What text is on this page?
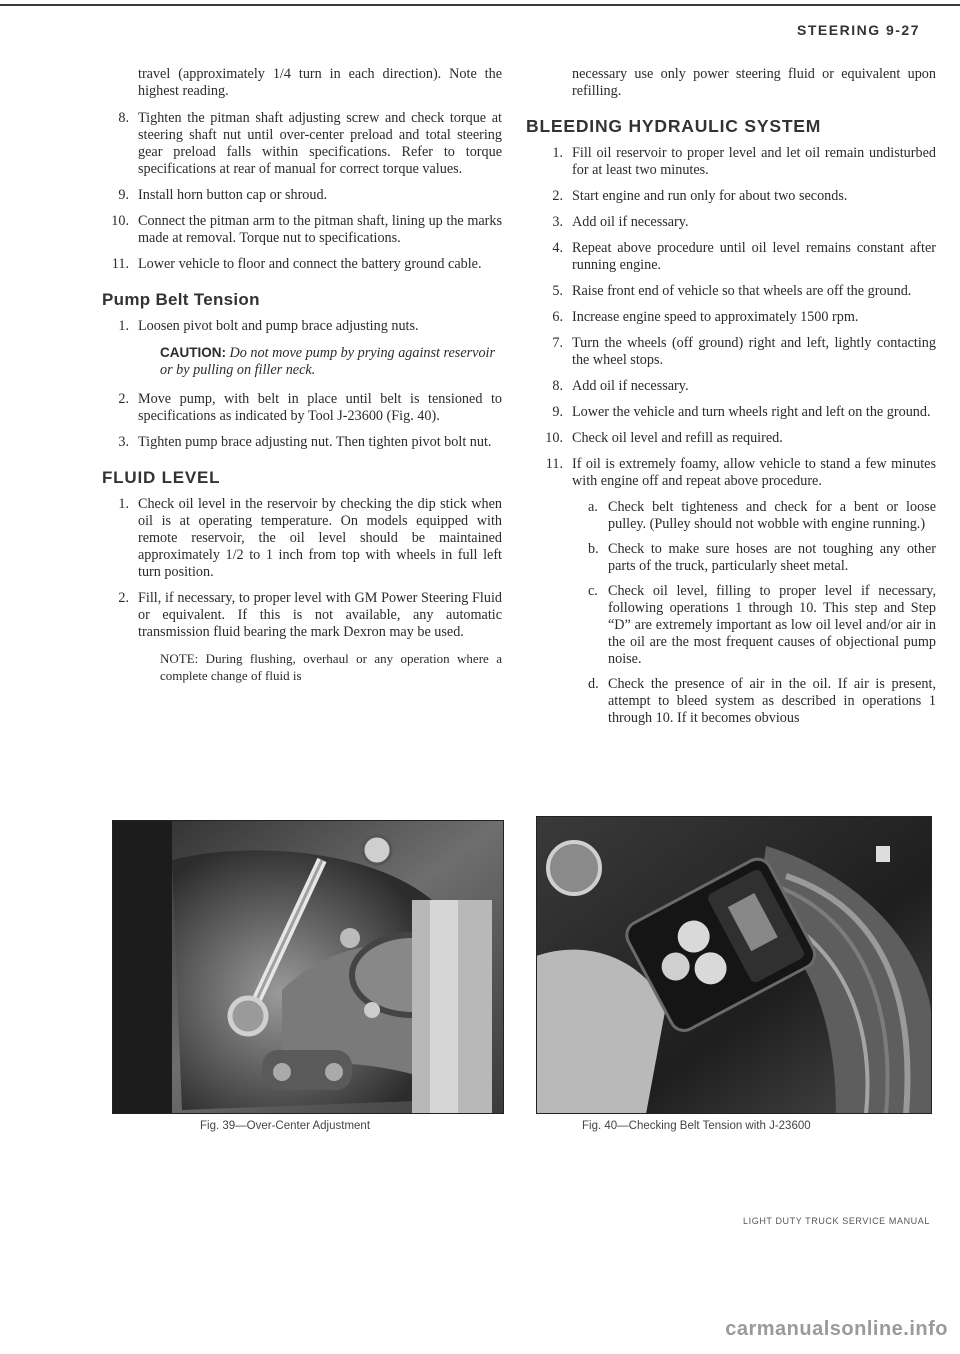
STEERING 9-27

travel (approximately 1/4 turn in each direction). Note the highest reading.

8. Tighten the pitman shaft adjusting screw and check torque at steering shaft nut until over-center preload and total steering gear preload falls within specifications. Refer to torque specifications at rear of manual for correct torque values.
9. Install horn button cap or shroud.
10. Connect the pitman arm to the pitman shaft, lining up the marks made at removal. Torque nut to specifications.
11. Lower vehicle to floor and connect the battery ground cable.
Pump Belt Tension
1. Loosen pivot bolt and pump brace adjusting nuts.
CAUTION: Do not move pump by prying against reservoir or by pulling on filler neck.
2. Move pump, with belt in place until belt is tensioned to specifications as indicated by Tool J-23600 (Fig. 40).
3. Tighten pump brace adjusting nut. Then tighten pivot bolt nut.
FLUID LEVEL
1. Check oil level in the reservoir by checking the dip stick when oil is at operating temperature. On models equipped with remote reservoir, the oil level should be maintained approximately 1/2 to 1 inch from top with wheels in full left turn position.
2. Fill, if necessary, to proper level with GM Power Steering Fluid or equivalent. If this is not available, any automatic transmission fluid bearing the mark Dexron may be used.
NOTE: During flushing, overhaul or any operation where a complete change of fluid is

necessary use only power steering fluid or equivalent upon refilling.

BLEEDING HYDRAULIC SYSTEM
1. Fill oil reservoir to proper level and let oil remain undisturbed for at least two minutes.
2. Start engine and run only for about two seconds.
3. Add oil if necessary.
4. Repeat above procedure until oil level remains constant after running engine.
5. Raise front end of vehicle so that wheels are off the ground.
6. Increase engine speed to approximately 1500 rpm.
7. Turn the wheels (off ground) right and left, lightly contacting the wheel stops.
8. Add oil if necessary.
9. Lower the vehicle and turn wheels right and left on the ground.
10. Check oil level and refill as required.
11. If oil is extremely foamy, allow vehicle to stand a few minutes with engine off and repeat above procedure.
a. Check belt tighteness and check for a bent or loose pulley. (Pulley should not wobble with engine running.)
b. Check to make sure hoses are not toughing any other parts of the truck, particularly sheet metal.
c. Check oil level, filling to proper level if necessary, following operations 1 through 10. This step and Step “D” are extremely important as low oil level and/or air in the oil are the most frequent causes of objectional pump noise.
d. Check the presence of air in the oil. If air is present, attempt to bleed system as described in operations 1 through 10. If it becomes obvious
Fig. 39—Over-Center Adjustment	Fig. 40—Checking Belt Tension with J-23600
LIGHT DUTY TRUCK SERVICE MANUAL
carmanualsonline.info
